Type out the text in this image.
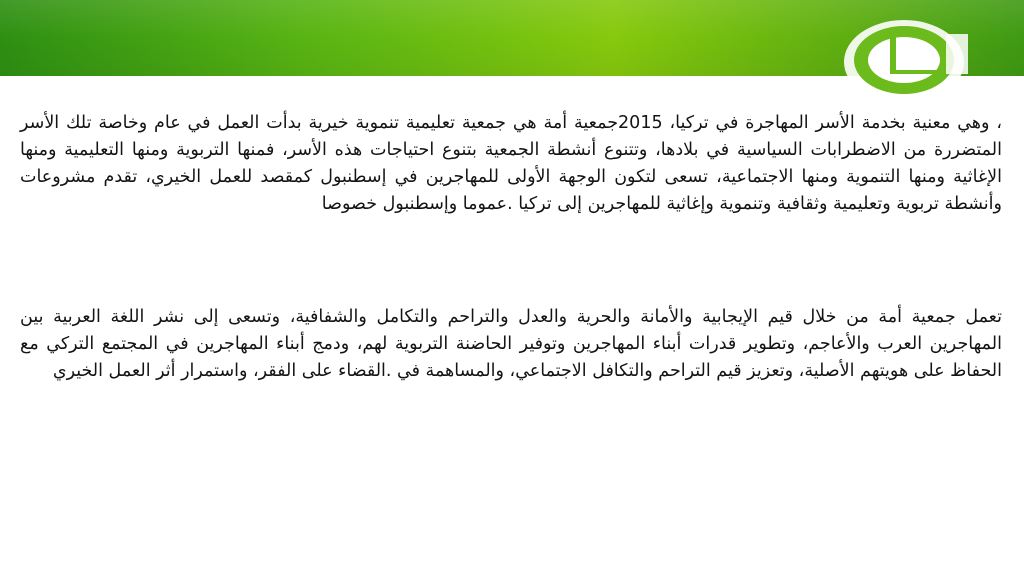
، وهي معنية بخدمة الأسر المهاجرة في تركيا، 2015جمعية أمة هي جمعية تعليمية تنموية خيرية بدأت العمل في عام وخاصة تلك الأسر المتضررة من الاضطرابات السياسية في بلادها، وتتنوع أنشطة الجمعية بتنوع احتياجات هذه الأسر، فمنها التربوية ومنها التعليمية ومنها الإغاثية ومنها التنموية ومنها الاجتماعية، تسعى لتكون الوجهة الأولى للمهاجرين في إسطنبول كمقصد للعمل الخيري، تقدم مشروعات وأنشطة تربوية وتعليمية وثقافية وتنموية وإغاثية للمهاجرين إلى تركيا .عموما وإسطنبول خصوصا

تعمل جمعية أمة من خلال قيم الإيجابية والأمانة والحرية والعدل والتراحم والتكامل والشفافية، وتسعى إلى نشر اللغة العربية بين المهاجرين العرب والأعاجم، وتطوير قدرات أبناء المهاجرين وتوفير الحاضنة التربوية لهم، ودمج أبناء المهاجرين في المجتمع التركي مع الحفاظ على هويتهم الأصلية، وتعزيز قيم التراحم والتكافل الاجتماعي، والمساهمة في .القضاء على الفقر، واستمرار أثر العمل الخيري
